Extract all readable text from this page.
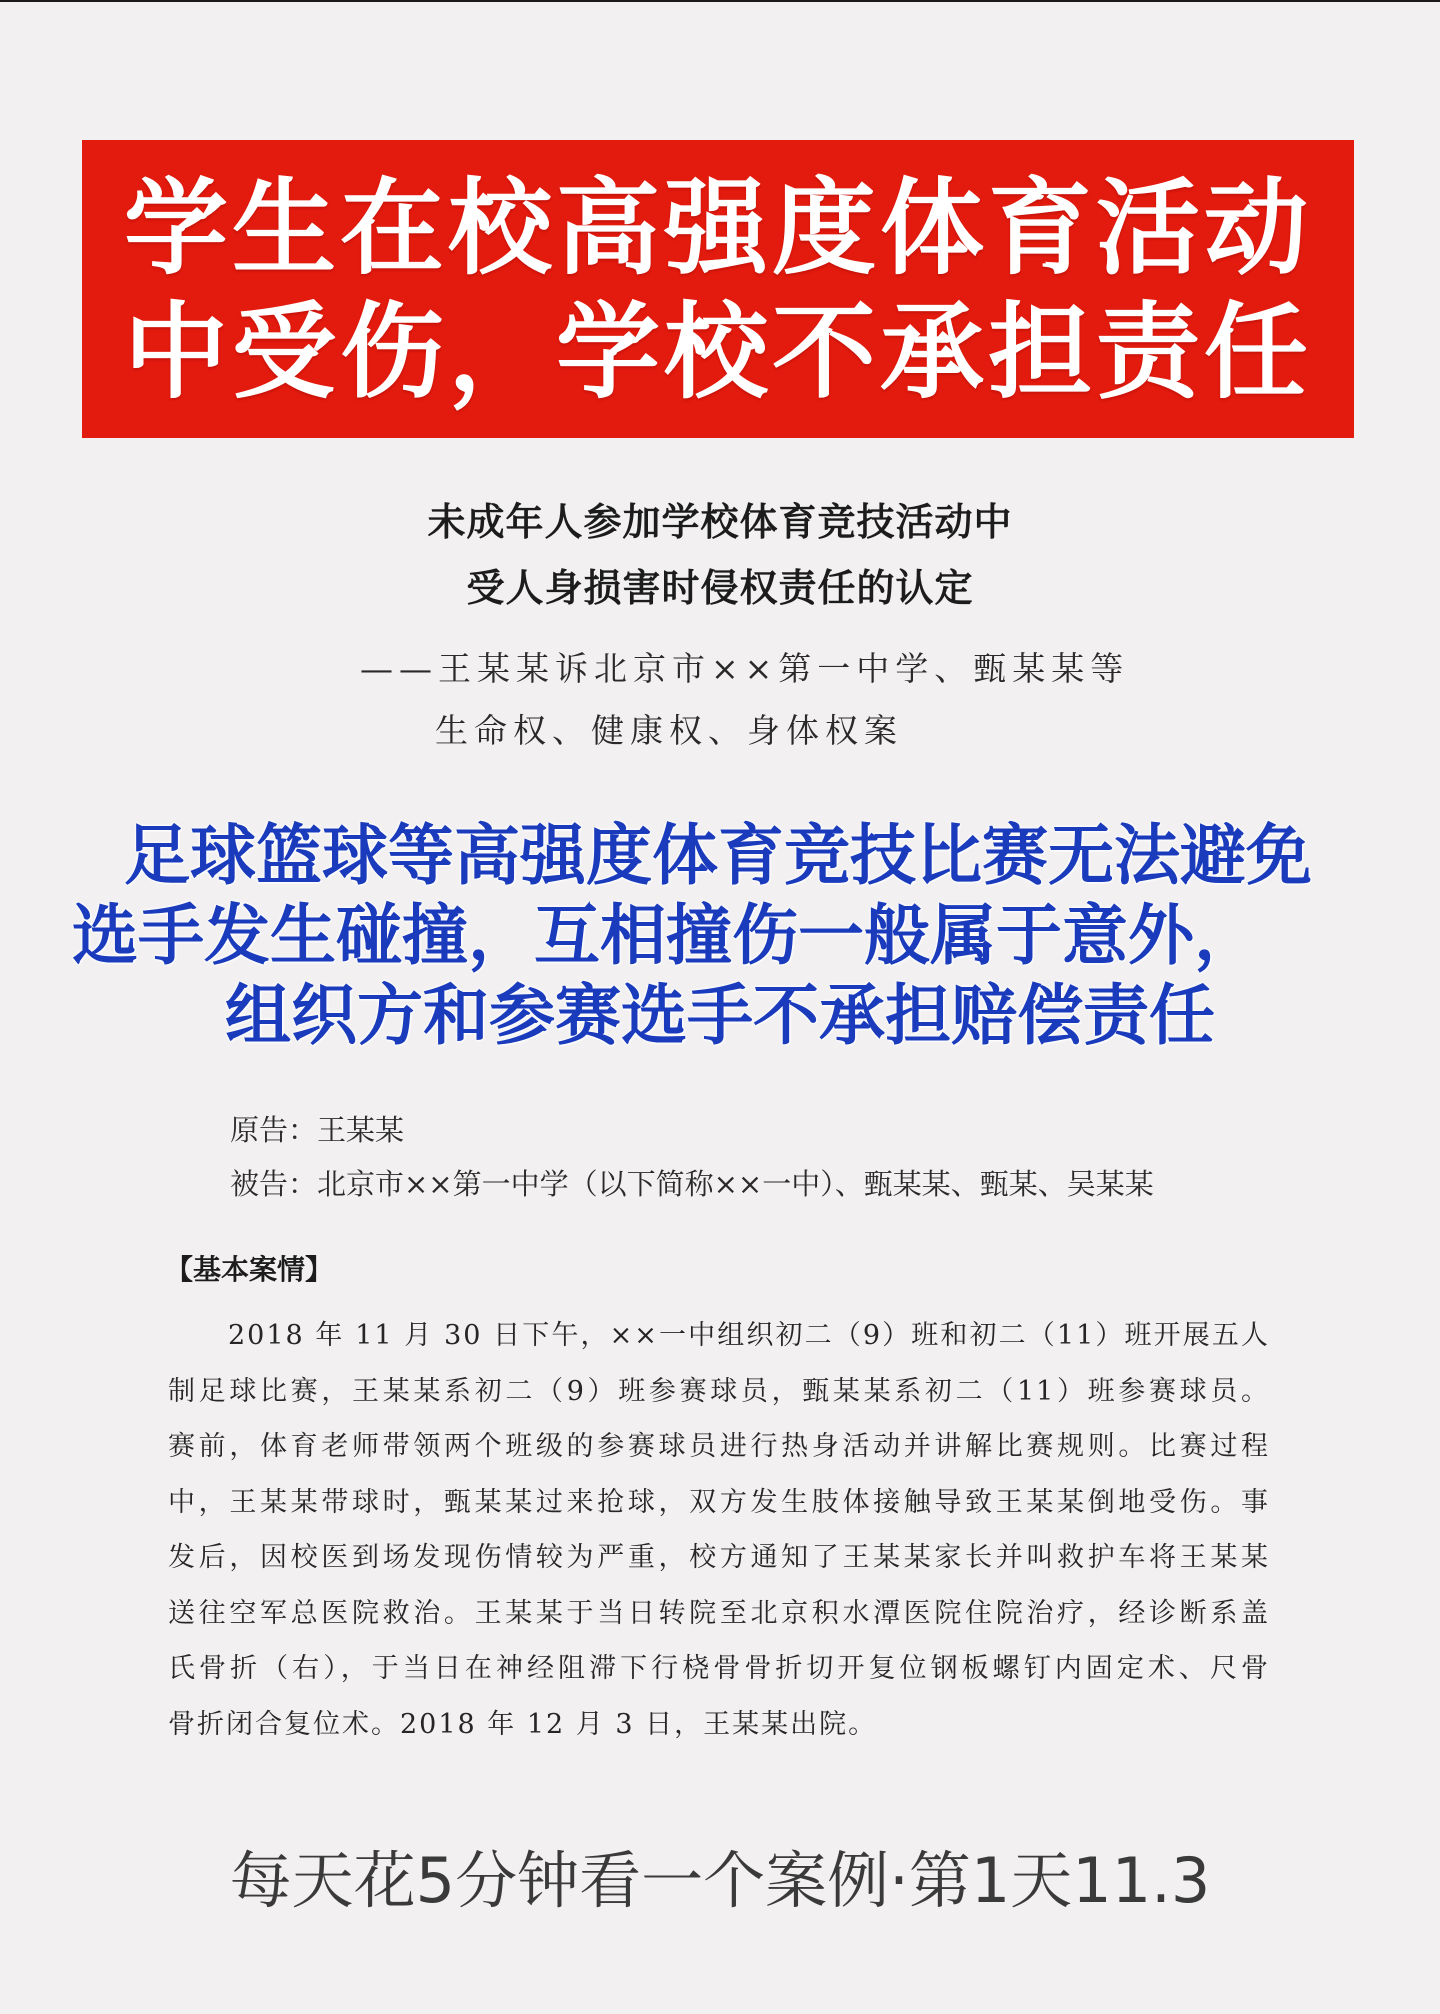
学生在校高强度体育活动
中受伤，学校不承担责任
未成年人参加学校体育竞技活动中
受人身损害时侵权责任的认定
——王某某诉北京市××第一中学、甄某某等
生命权、健康权、身体权案
足球篮球等高强度体育竞技比赛无法避免
选手发生碰撞，互相撞伤一般属于意外，
组织方和参赛选手不承担赔偿责任
原告：王某某
被告：北京市××第一中学（以下简称××一中）、甄某某、甄某、吴某某
【基本案情】
2018 年 11 月 30 日下午，××一中组织初二（9）班和初二（11）班开展五人
制足球比赛，王某某系初二（9）班参赛球员，甄某某系初二（11）班参赛球员。
赛前，体育老师带领两个班级的参赛球员进行热身活动并讲解比赛规则。比赛过程
中，王某某带球时，甄某某过来抢球，双方发生肢体接触导致王某某倒地受伤。事
发后，因校医到场发现伤情较为严重，校方通知了王某某家长并叫救护车将王某某
送往空军总医院救治。王某某于当日转院至北京积水潭医院住院治疗，经诊断系盖
氏骨折（右），于当日在神经阻滞下行桡骨骨折切开复位钢板螺钉内固定术、尺骨
骨折闭合复位术。2018 年 12 月 3 日，王某某出院。
每天花5分钟看一个案例·第1天11.3
